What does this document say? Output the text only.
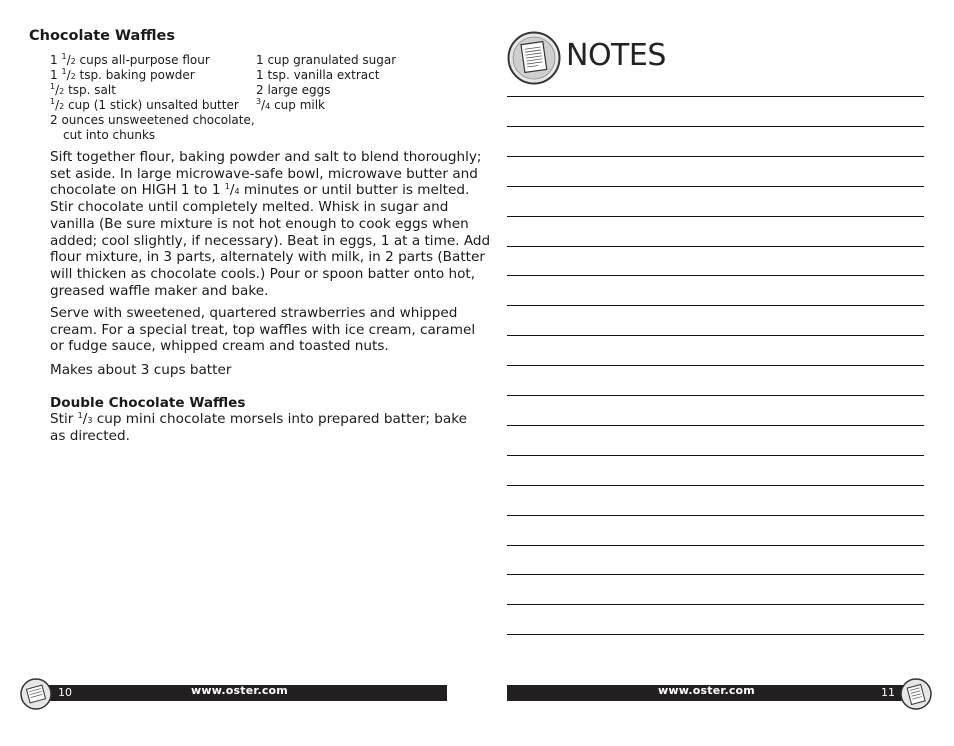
Chocolate Waffles
1 $^1$/2 cups all-purpose flour
1 $^1$/2 tsp. baking powder
$^1$/2 tsp. salt
$^1$/2 cup (1 stick) unsalted butter
2 ounces unsweetened chocolate,
cut into chunks
1 cup granulated sugar
1 tsp. vanilla extract
2 large eggs
$^3$/4 cup milk
Sift together flour, baking powder and salt to blend thoroughly;
set aside. In large microwave-safe bowl, microwave butter and
chocolate on HIGH 1 to 1 $^1$/4 minutes or until butter is melted.
Stir chocolate until completely melted. Whisk in sugar and
vanilla (Be sure mixture is not hot enough to cook eggs when
added; cool slightly, if necessary). Beat in eggs, 1 at a time. Add
flour mixture, in 3 parts, alternately with milk, in 2 parts (Batter
will thicken as chocolate cools.) Pour or spoon batter onto hot,
greased waffle maker and bake.
Serve with sweetened, quartered strawberries and whipped
cream. For a special treat, top waffles with ice cream, caramel
or fudge sauce, whipped cream and toasted nuts.
Makes about 3 cups batter
Double Chocolate Waffles
Stir $^1$/3 cup mini chocolate morsels into prepared batter; bake
as directed.
NOTES
10	www.oster.com	www.oster.com	11
